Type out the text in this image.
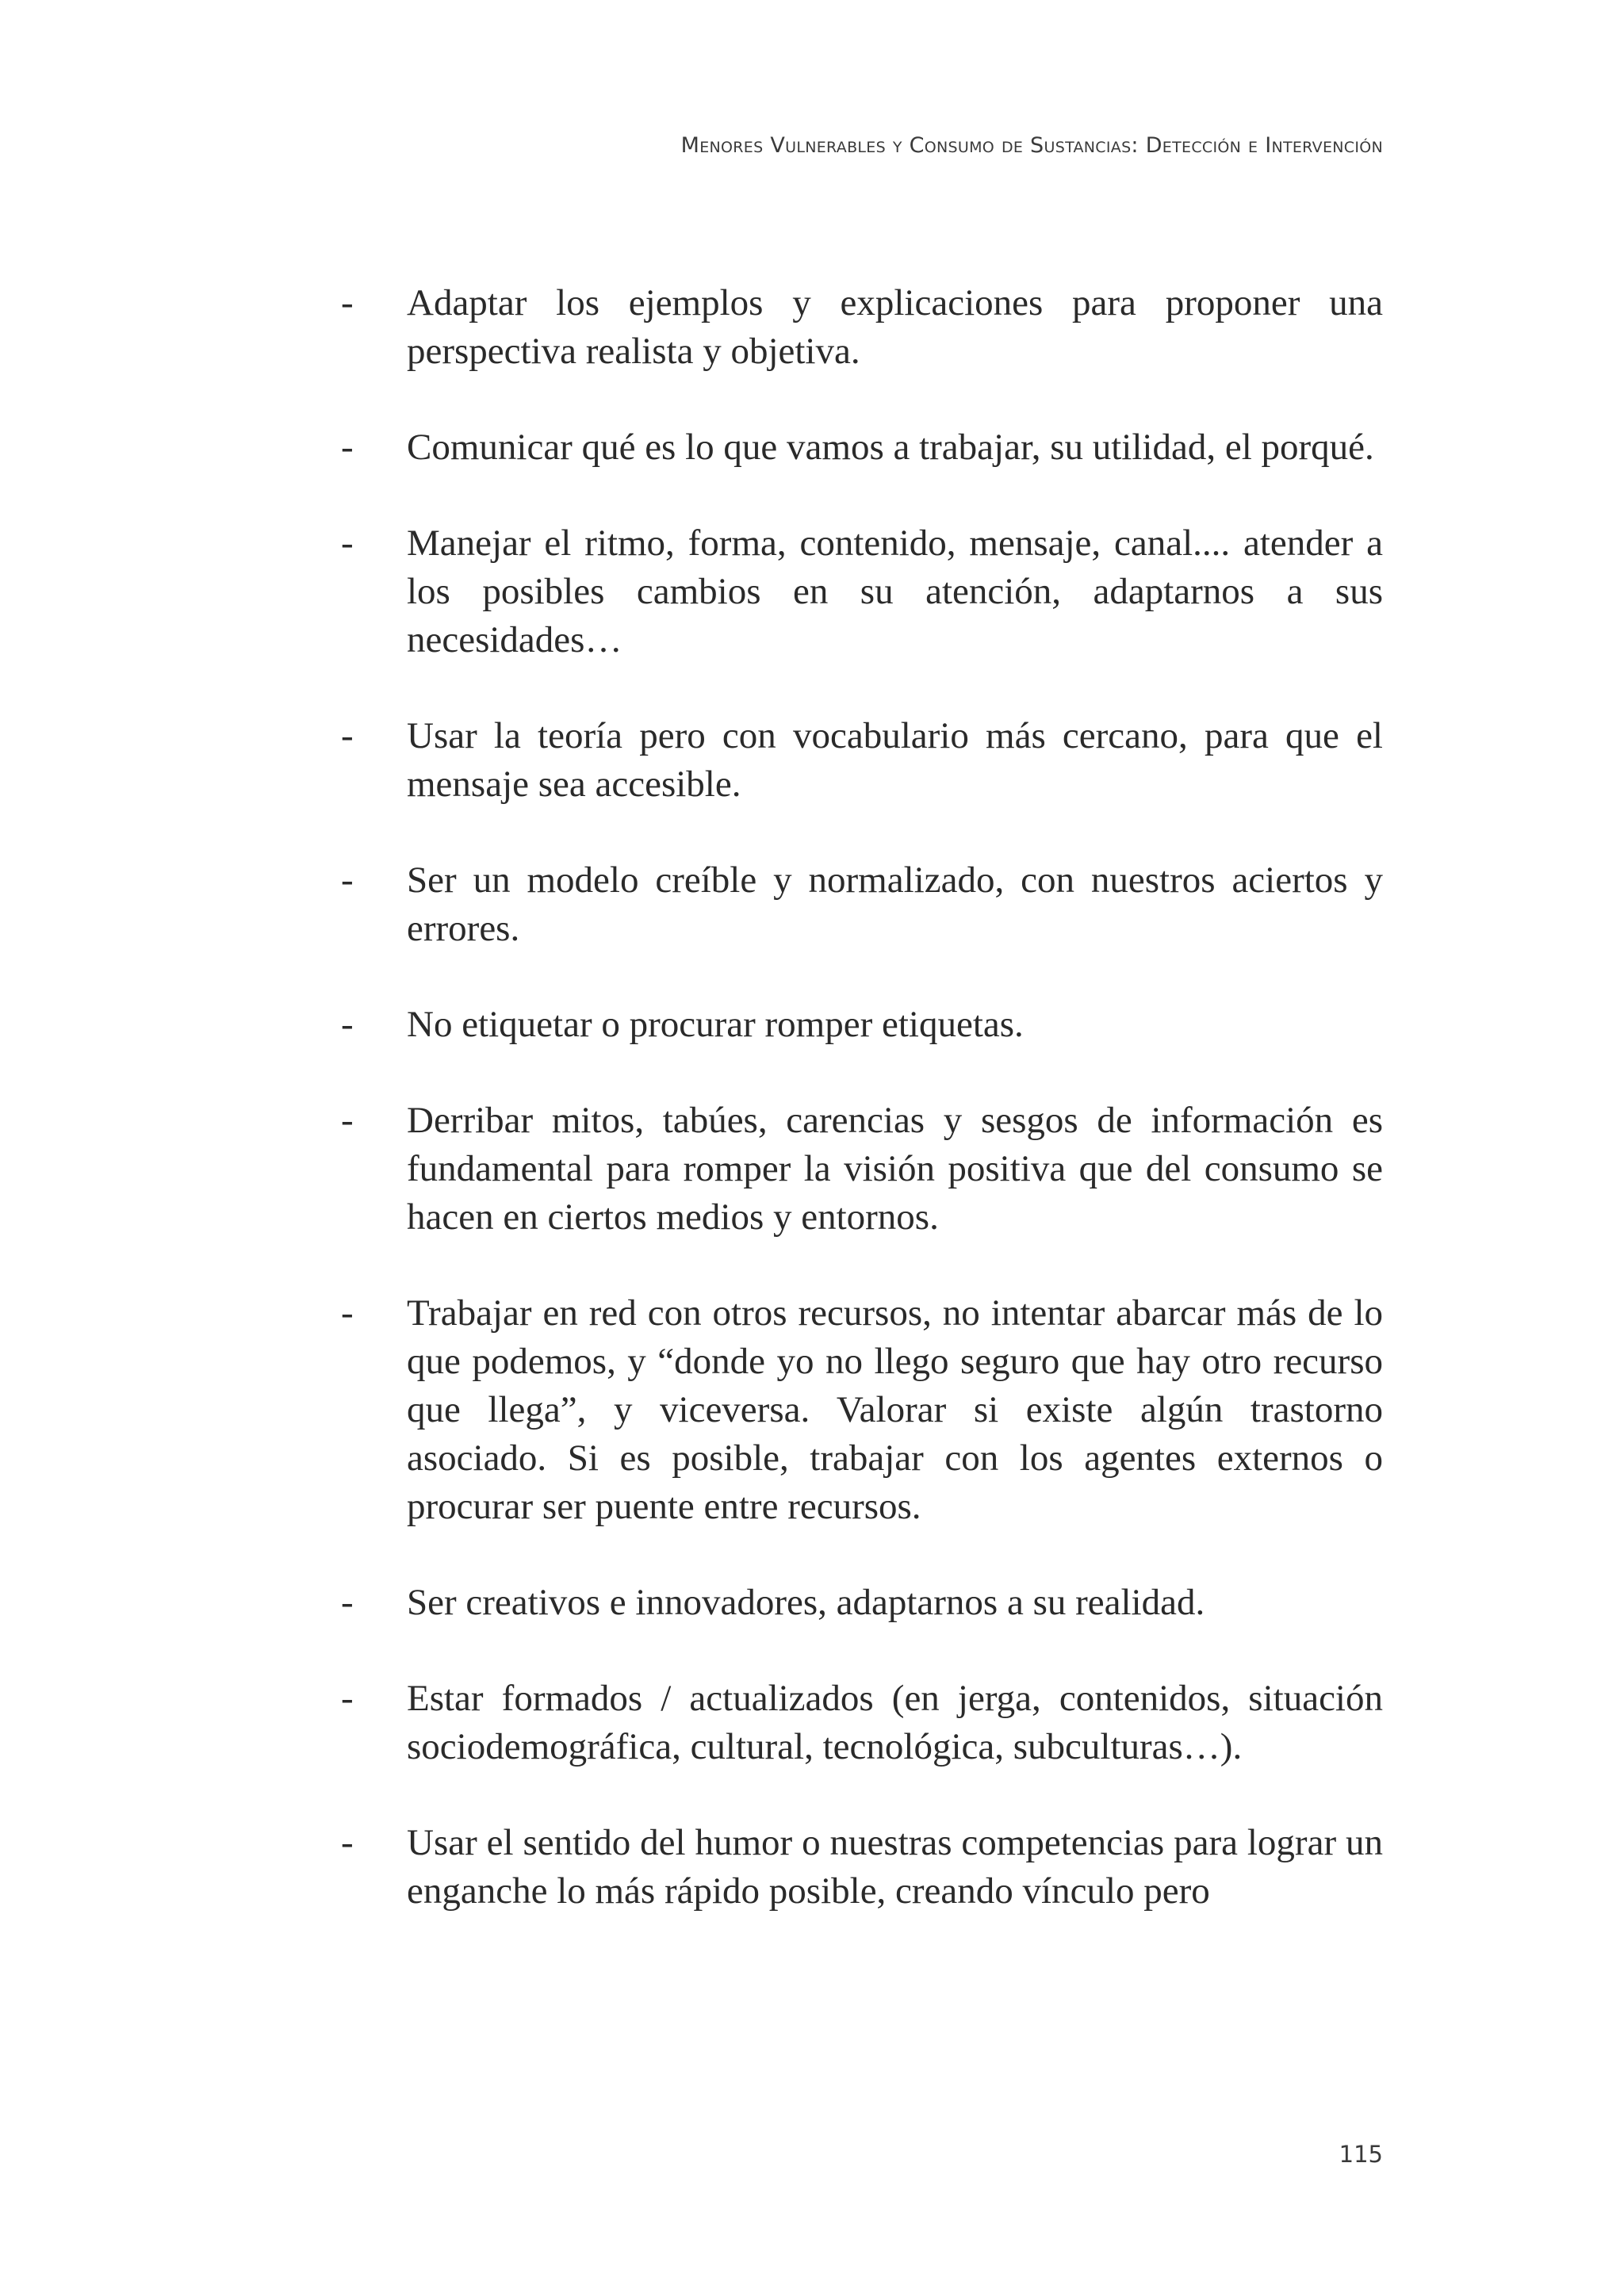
Menores Vulnerables y Consumo de Sustancias: Detección e Intervención
- Adaptar los ejemplos y explicaciones para proponer una perspectiva realista y objetiva.
- Comunicar qué es lo que vamos a trabajar, su utilidad, el porqué.
- Manejar el ritmo, forma, contenido, mensaje, canal.... atender a los posibles cambios en su atención, adaptarnos a sus necesidades…
- Usar la teoría pero con vocabulario más cercano, para que el mensaje sea accesible.
- Ser un modelo creíble y normalizado, con nuestros aciertos y errores.
- No etiquetar o procurar romper etiquetas.
- Derribar mitos, tabúes, carencias y sesgos de información es fundamental para romper la visión positiva que del consumo se hacen en ciertos medios y entornos.
- Trabajar en red con otros recursos, no intentar abarcar más de lo que podemos, y “donde yo no llego seguro que hay otro recurso que llega”, y viceversa. Valorar si existe algún trastorno asociado. Si es posible, trabajar con los agentes externos o procurar ser puente entre recursos.
- Ser creativos e innovadores, adaptarnos a su realidad.
- Estar formados / actualizados (en jerga, contenidos, situación sociodemográfica, cultural, tecnológica, subculturas…).
- Usar el sentido del humor o nuestras competencias para lograr un enganche lo más rápido posible, creando vínculo pero
115
